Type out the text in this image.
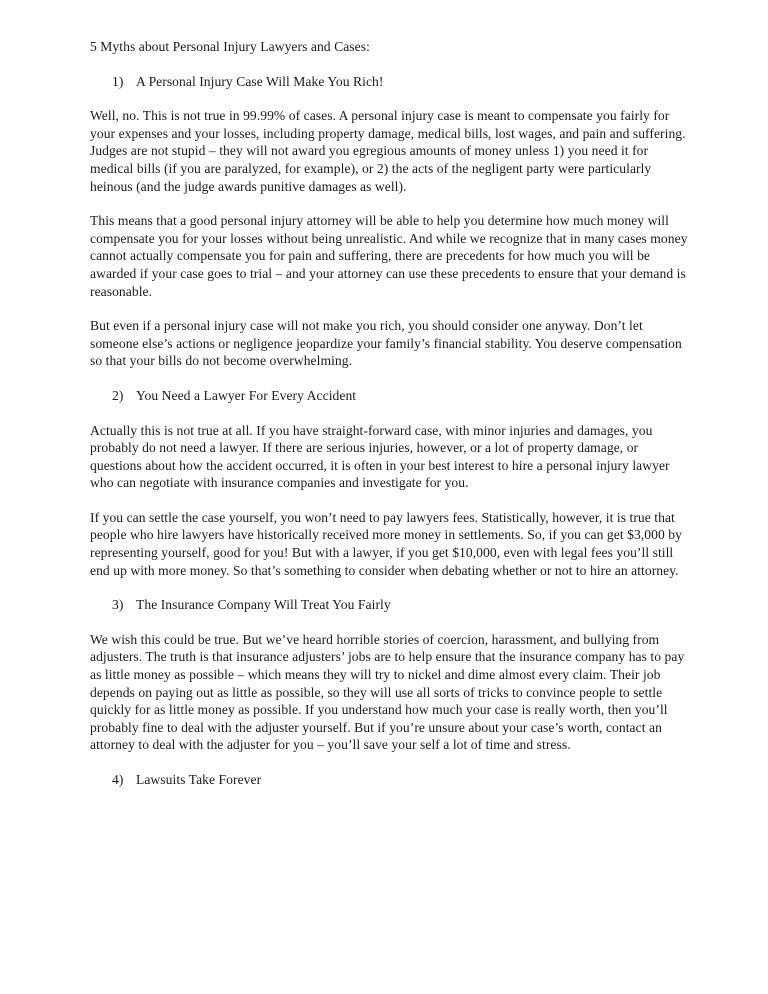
5 Myths about Personal Injury Lawyers and Cases:
1) A Personal Injury Case Will Make You Rich!

Well, no. This is not true in 99.99% of cases. A personal injury case is meant to compensate you fairly for your expenses and your losses, including property damage, medical bills, lost wages, and pain and suffering. Judges are not stupid – they will not award you egregious amounts of money unless 1) you need it for medical bills (if you are paralyzed, for example), or 2) the acts of the negligent party were particularly heinous (and the judge awards punitive damages as well).

This means that a good personal injury attorney will be able to help you determine how much money will compensate you for your losses without being unrealistic. And while we recognize that in many cases money cannot actually compensate you for pain and suffering, there are precedents for how much you will be awarded if your case goes to trial – and your attorney can use these precedents to ensure that your demand is reasonable.

But even if a personal injury case will not make you rich, you should consider one anyway. Don’t let someone else’s actions or negligence jeopardize your family’s financial stability. You deserve compensation so that your bills do not become overwhelming.

2) You Need a Lawyer For Every Accident

Actually this is not true at all. If you have straight-forward case, with minor injuries and damages, you probably do not need a lawyer. If there are serious injuries, however, or a lot of property damage, or questions about how the accident occurred, it is often in your best interest to hire a personal injury lawyer who can negotiate with insurance companies and investigate for you.

If you can settle the case yourself, you won’t need to pay lawyers fees. Statistically, however, it is true that people who hire lawyers have historically received more money in settlements. So, if you can get $3,000 by representing yourself, good for you! But with a lawyer, if you get $10,000, even with legal fees you’ll still end up with more money. So that’s something to consider when debating whether or not to hire an attorney.

3) The Insurance Company Will Treat You Fairly

We wish this could be true. But we’ve heard horrible stories of coercion, harassment, and bullying from adjusters. The truth is that insurance adjusters’ jobs are to help ensure that the insurance company has to pay as little money as possible – which means they will try to nickel and dime almost every claim. Their job depends on paying out as little as possible, so they will use all sorts of tricks to convince people to settle quickly for as little money as possible. If you understand how much your case is really worth, then you’ll probably fine to deal with the adjuster yourself. But if you’re unsure about your case’s worth, contact an attorney to deal with the adjuster for you – you’ll save your self a lot of time and stress.

4) Lawsuits Take Forever
